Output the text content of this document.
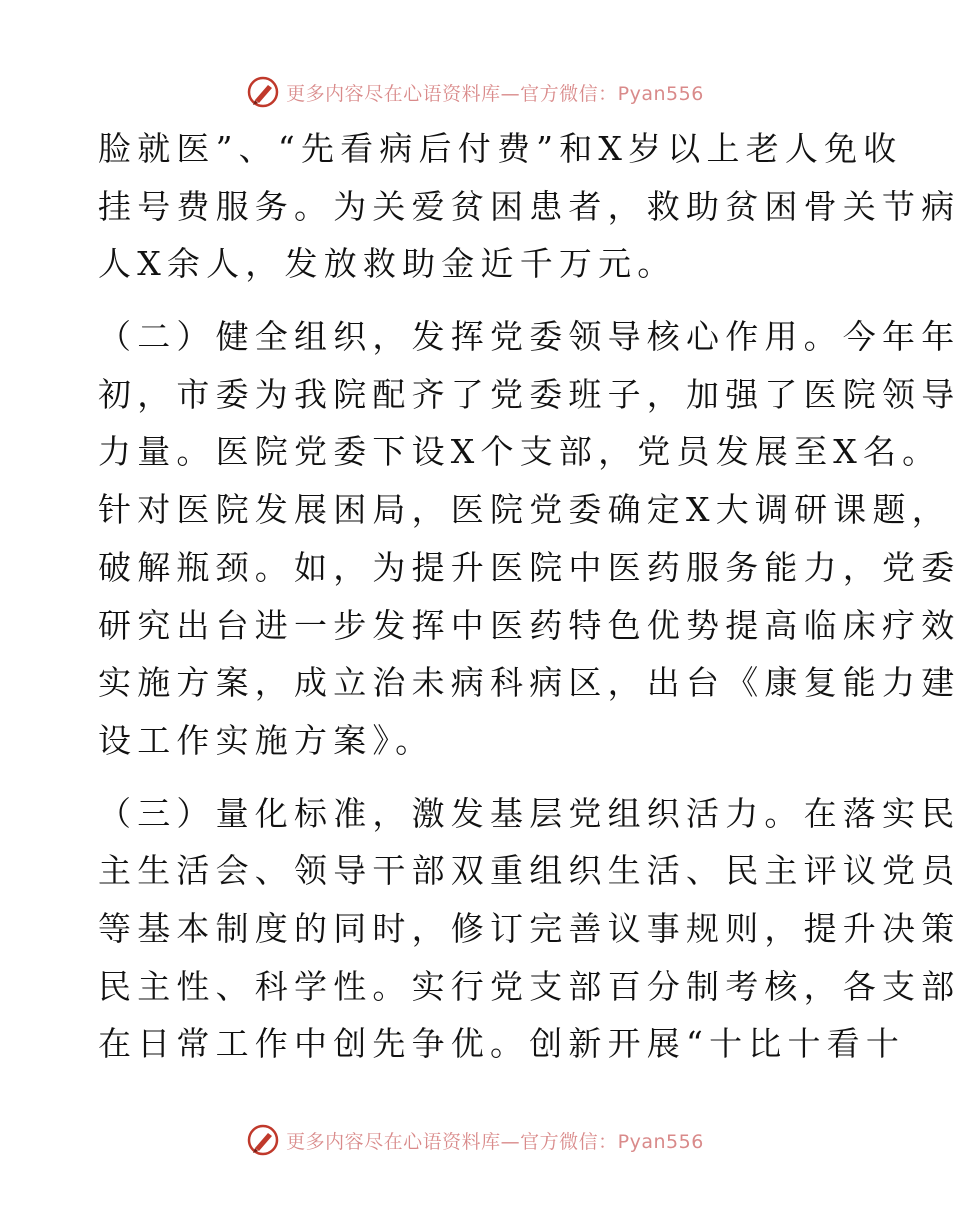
更多内容尽在心语资料库—官方微信：Pyan556
脸就医”、“先看病后付费”和X岁以上老人免收
挂号费服务。为关爱贫困患者，救助贫困骨关节病
人X余人，发放救助金近千万元。
（二）健全组织，发挥党委领导核心作用。今年年
初，市委为我院配齐了党委班子，加强了医院领导
力量。医院党委下设X个支部，党员发展至X名。
针对医院发展困局，医院党委确定X大调研课题，
破解瓶颈。如，为提升医院中医药服务能力，党委
研究出台进一步发挥中医药特色优势提高临床疗效
实施方案，成立治未病科病区，出台《康复能力建
设工作实施方案》。
（三）量化标准，激发基层党组织活力。在落实民
主生活会、领导干部双重组织生活、民主评议党员
等基本制度的同时，修订完善议事规则，提升决策
民主性、科学性。实行党支部百分制考核，各支部
在日常工作中创先争优。创新开展“十比十看十
更多内容尽在心语资料库—官方微信：Pyan556
